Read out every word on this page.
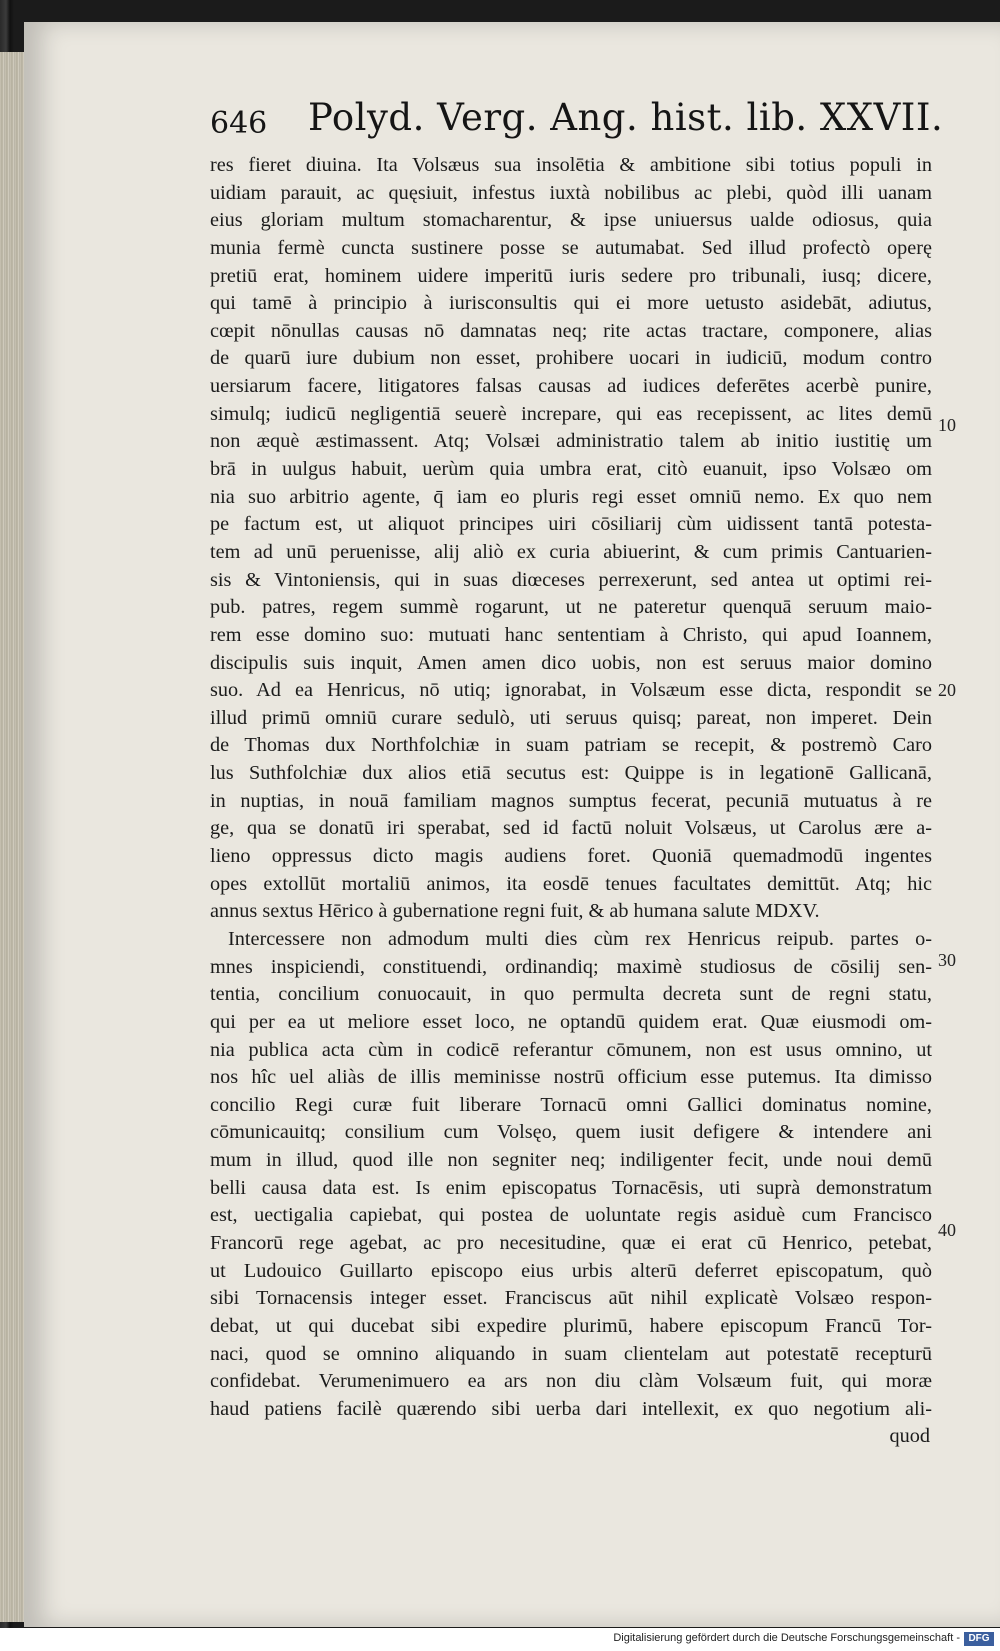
646 Polyd. Verg. Ang. hist. lib. XXVII.
res fieret diuina. Ita Volsæus sua insolētia & ambitione sibi totius populi in
uidiam parauit, ac quęsiuit, infestus iuxtà nobilibus ac plebi, quòd illi uanam
eius gloriam multum stomacharentur, & ipse uniuersus ualde odiosus, quia
munia fermè cuncta sustinere posse se autumabat. Sed illud profectò operę
pretiū erat, hominem uidere imperitū iuris sedere pro tribunali, iusq; dicere,
qui tamē à principio à iurisconsultis qui ei more uetusto asidebāt, adiutus,
cœpit nōnullas causas nō damnatas neq; rite actas tractare, componere, alias
de quarū iure dubium non esset, prohibere uocari in iudiciū, modum contro
uersiarum facere, litigatores falsas causas ad iudices deferētes acerbè punire,
simulq; iudicū negligentiā seuerè increpare, qui eas recepissent, ac lites demū
non æquè æstimassent. Atq; Volsæi administratio talem ab initio iustitię um
brā in uulgus habuit, uerùm quia umbra erat, citò euanuit, ipso Volsæo om
nia suo arbitrio agente, q̄ iam eo pluris regi esset omniū nemo. Ex quo nem
pe factum est, ut aliquot principes uiri cōsiliarij cùm uidissent tantā potesta-
tem ad unū peruenisse, alij aliò ex curia abiuerint, & cum primis Cantuarien-
sis & Vintoniensis, qui in suas diœceses perrexerunt, sed antea ut optimi rei-
pub. patres, regem summè rogarunt, ut ne pateretur quenquā seruum maio-
rem esse domino suo: mutuati hanc sententiam à Christo, qui apud Ioannem,
discipulis suis inquit, Amen amen dico uobis, non est seruus maior domino
suo. Ad ea Henricus, nō utiq; ignorabat, in Volsæum esse dicta, respondit se
illud primū omniū curare sedulò, uti seruus quisq; pareat, non imperet. Dein
de Thomas dux Northfolchiæ in suam patriam se recepit, & postremò Caro
lus Suthfolchiæ dux alios etiā secutus est: Quippe is in legationē Gallicanā,
in nuptias, in nouā familiam magnos sumptus fecerat, pecuniā mutuatus à re
ge, qua se donatū iri sperabat, sed id factū noluit Volsæus, ut Carolus ære a-
lieno oppressus dicto magis audiens foret. Quoniā quemadmodū ingentes
opes extollūt mortaliū animos, ita eosdē tenues facultates demittūt. Atq; hic
annus sextus Hērico à gubernatione regni fuit, & ab humana salute MDXV.
Intercessere non admodum multi dies cùm rex Henricus reipub. partes o-
mnes inspiciendi, constituendi, ordinandiq; maximè studiosus de cōsilij sen-
tentia, concilium conuocauit, in quo permulta decreta sunt de regni statu,
qui per ea ut meliore esset loco, ne optandū quidem erat. Quæ eiusmodi om-
nia publica acta cùm in codicē referantur cōmunem, non est usus omnino, ut
nos hîc uel aliàs de illis meminisse nostrū officium esse putemus. Ita dimisso
concilio Regi curæ fuit liberare Tornacū omni Gallici dominatus nomine,
cōmunicauitq; consilium cum Volsęo, quem iusit defigere & intendere ani
mum in illud, quod ille non segniter neq; indiligenter fecit, unde noui demū
belli causa data est. Is enim episcopatus Tornacēsis, uti suprà demonstratum
est, uectigalia capiebat, qui postea de uoluntate regis asiduè cum Francisco
Francorū rege agebat, ac pro necesitudine, quæ ei erat cū Henrico, petebat,
ut Ludouico Guillarto episcopo eius urbis alterū deferret episcopatum, quò
sibi Tornacensis integer esset. Franciscus aūt nihil explicatè Volsæo respon-
debat, ut qui ducebat sibi expedire plurimū, habere episcopum Francū Tor-
naci, quod se omnino aliquando in suam clientelam aut potestatē recepturū
confidebat. Verumenimuero ea ars non diu clàm Volsæum fuit, qui moræ
haud patiens facilè quærendo sibi uerba dari intellexit, ex quo negotium ali-
quod
10
20
30
40
Digitalisierung gefördert durch die Deutsche Forschungsgemeinschaft - DFG
